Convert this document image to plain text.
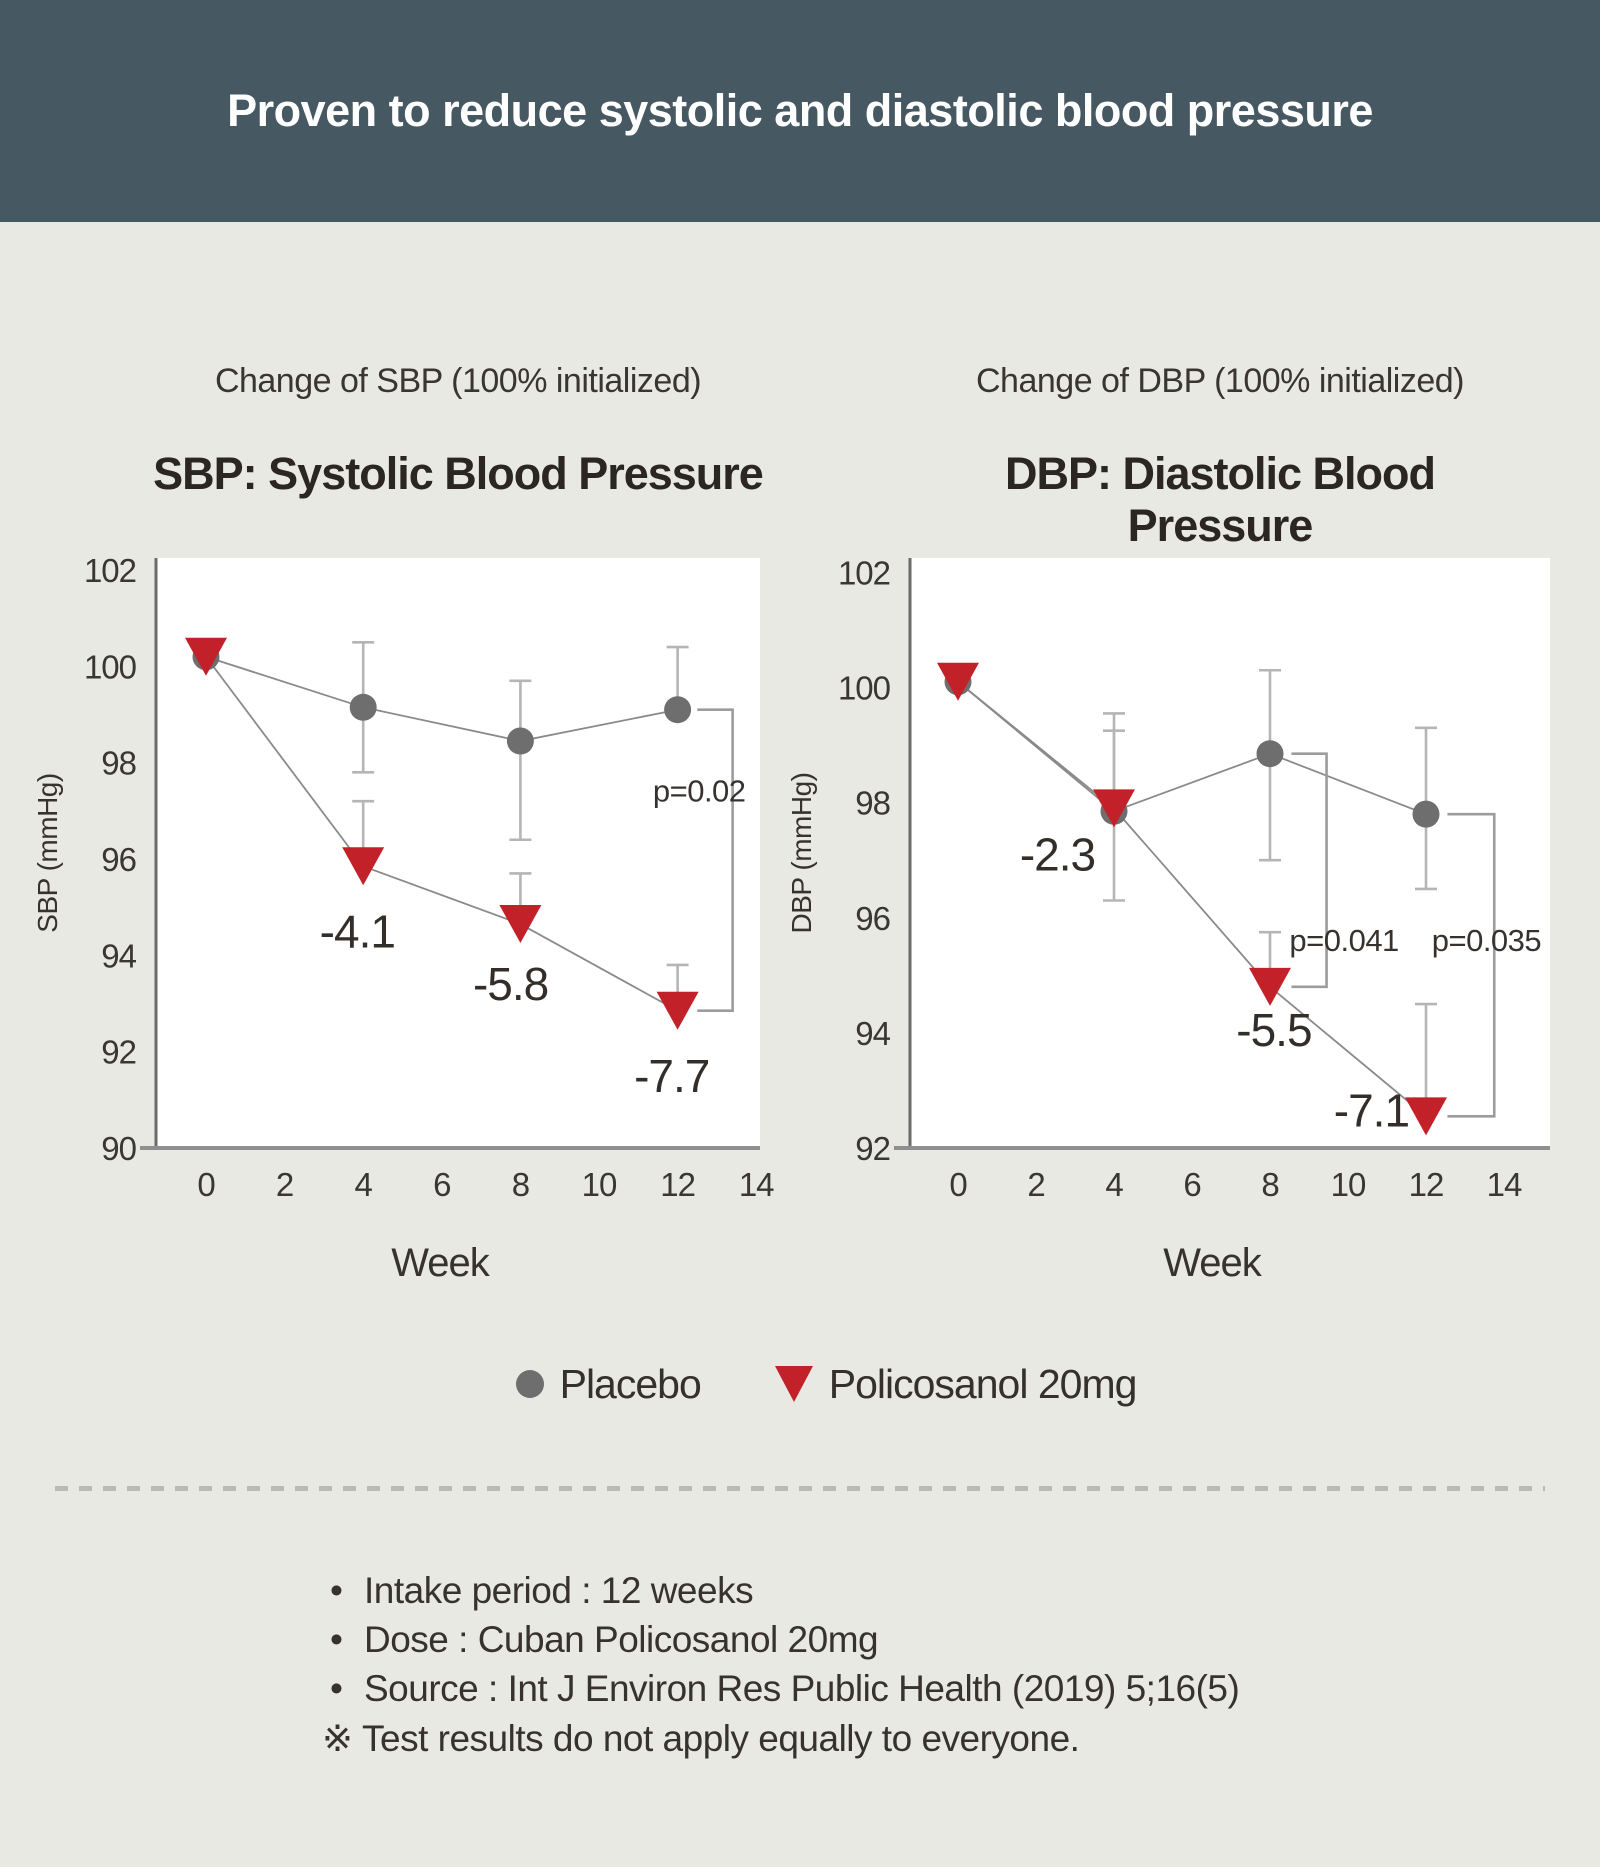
Proven to reduce systolic and diastolic blood pressure
Change of SBP (100% initialized)	Change of DBP (100% initialized)
SBP: Systolic Blood Pressure	DBP: Diastolic Blood Pressure
102
100
98
96
94
92
90
0 2 4 6 8 10 12 14
Week
SBP (mmHg)	-4.1
-5.8
-7.7
p=0.02
102
100
98
96
94
92
0 2 4 6 8 10 12 14
Week
DBP (mmHg)	-2.3
-5.5
-7.1
p=0.041 p=0.035
Placebo	Policosanol 20mg
• Intake period : 12 weeks
• Dose : Cuban Policosanol 20mg
• Source : Int J Environ Res Public Health (2019) 5;16(5)
※ Test results do not apply equally to everyone.
